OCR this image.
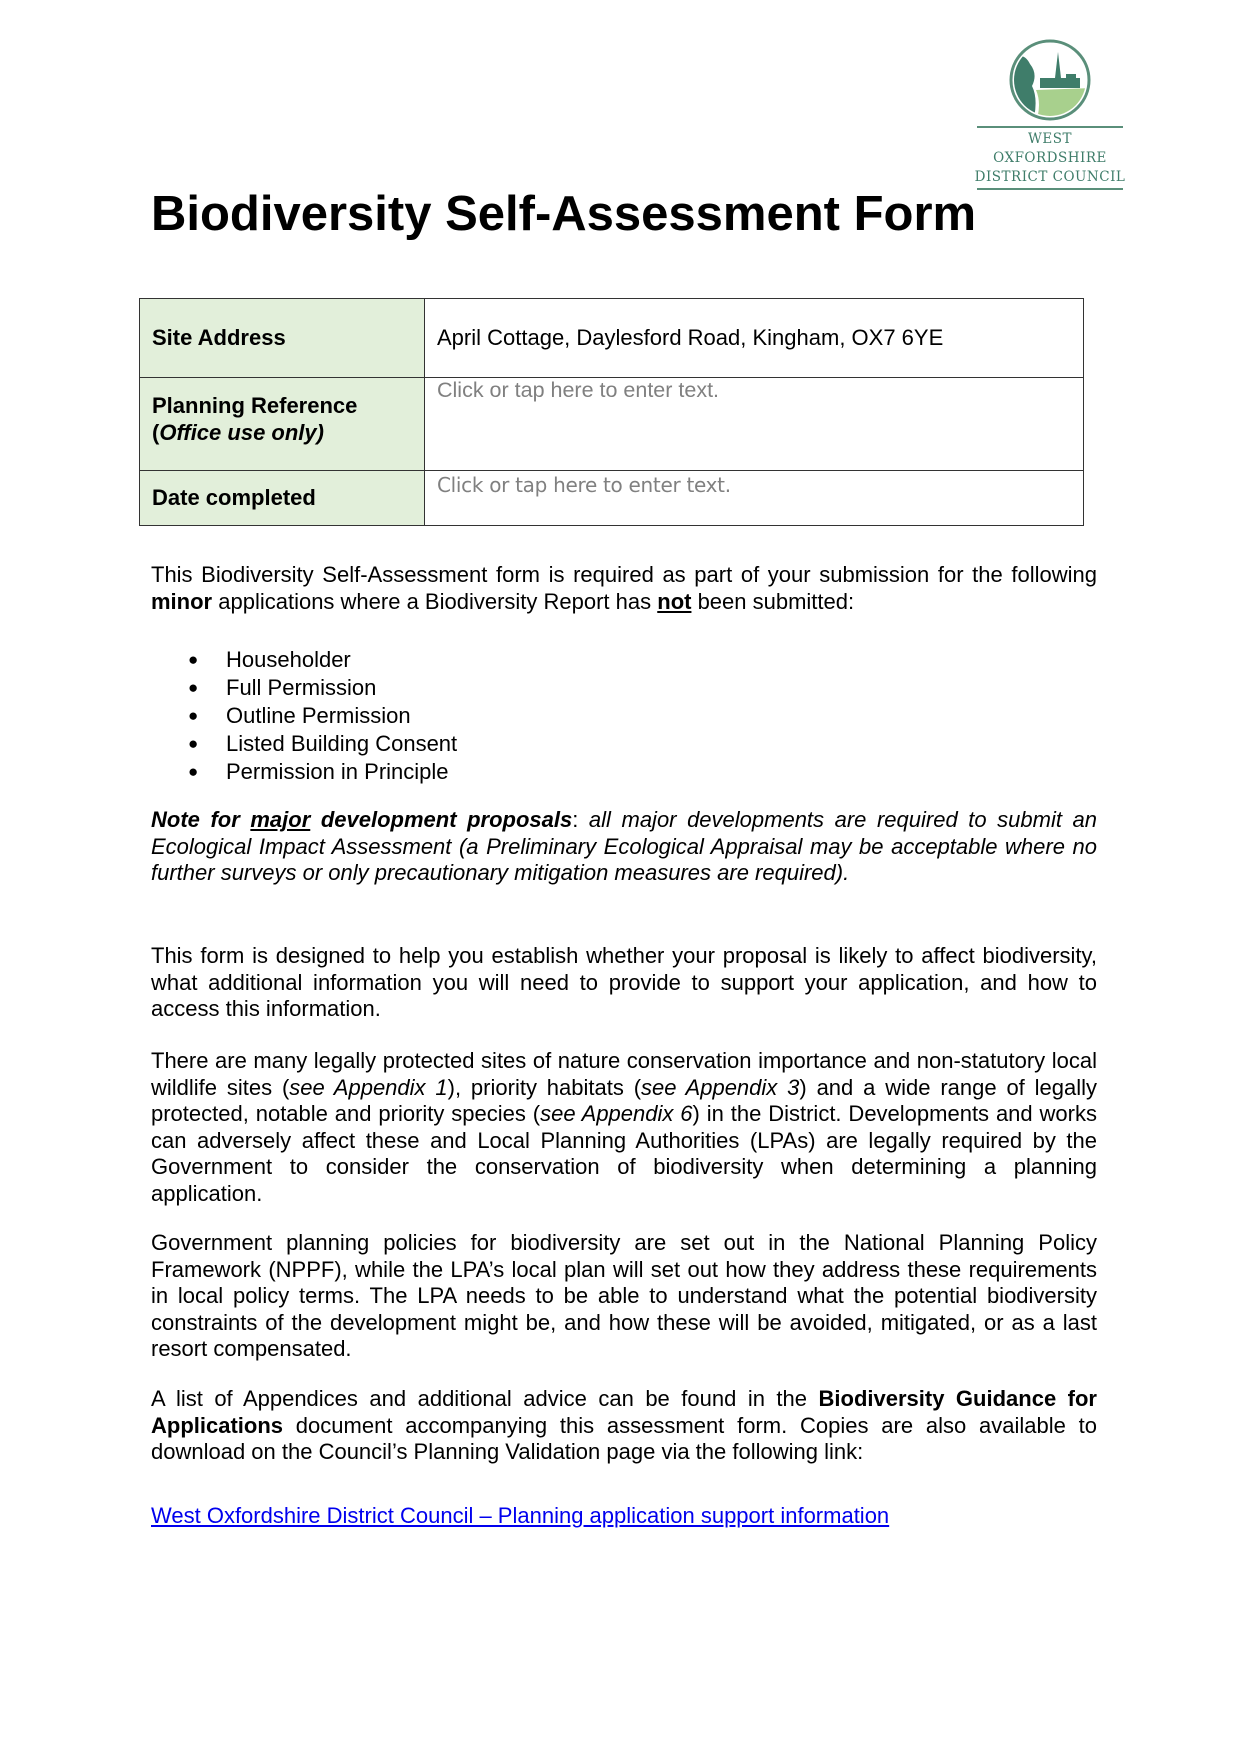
WEST OXFORDSHIRE
DISTRICT COUNCIL
Biodiversity Self-Assessment Form
Site Address	April Cottage, Daylesford Road, Kingham, OX7 6YE
Planning Reference
(Office use only)	Click or tap here to enter text.

Date completed	Click or tap here to enter text.

This Biodiversity Self-Assessment form is required as part of your submission for the following minor applications where a Biodiversity Report has not been submitted:

● Householder
● Full Permission
● Outline Permission
● Listed Building Consent
● Permission in Principle

Note for major development proposals: all major developments are required to submit an Ecological Impact Assessment (a Preliminary Ecological Appraisal may be acceptable where no further surveys or only precautionary mitigation measures are required).

This form is designed to help you establish whether your proposal is likely to affect biodiversity, what additional information you will need to provide to support your application, and how to access this information.

There are many legally protected sites of nature conservation importance and non-statutory local wildlife sites (see Appendix 1), priority habitats (see Appendix 3) and a wide range of legally protected, notable and priority species (see Appendix 6) in the District. Developments and works can adversely affect these and Local Planning Authorities (LPAs) are legally required by the Government to consider the conservation of biodiversity when determining a planning application.

Government planning policies for biodiversity are set out in the National Planning Policy Framework (NPPF), while the LPA’s local plan will set out how they address these requirements in local policy terms. The LPA needs to be able to understand what the potential biodiversity constraints of the development might be, and how these will be avoided, mitigated, or as a last resort compensated.

A list of Appendices and additional advice can be found in the Biodiversity Guidance for Applications document accompanying this assessment form. Copies are also available to download on the Council’s Planning Validation page via the following link:

West Oxfordshire District Council – Planning application support information
